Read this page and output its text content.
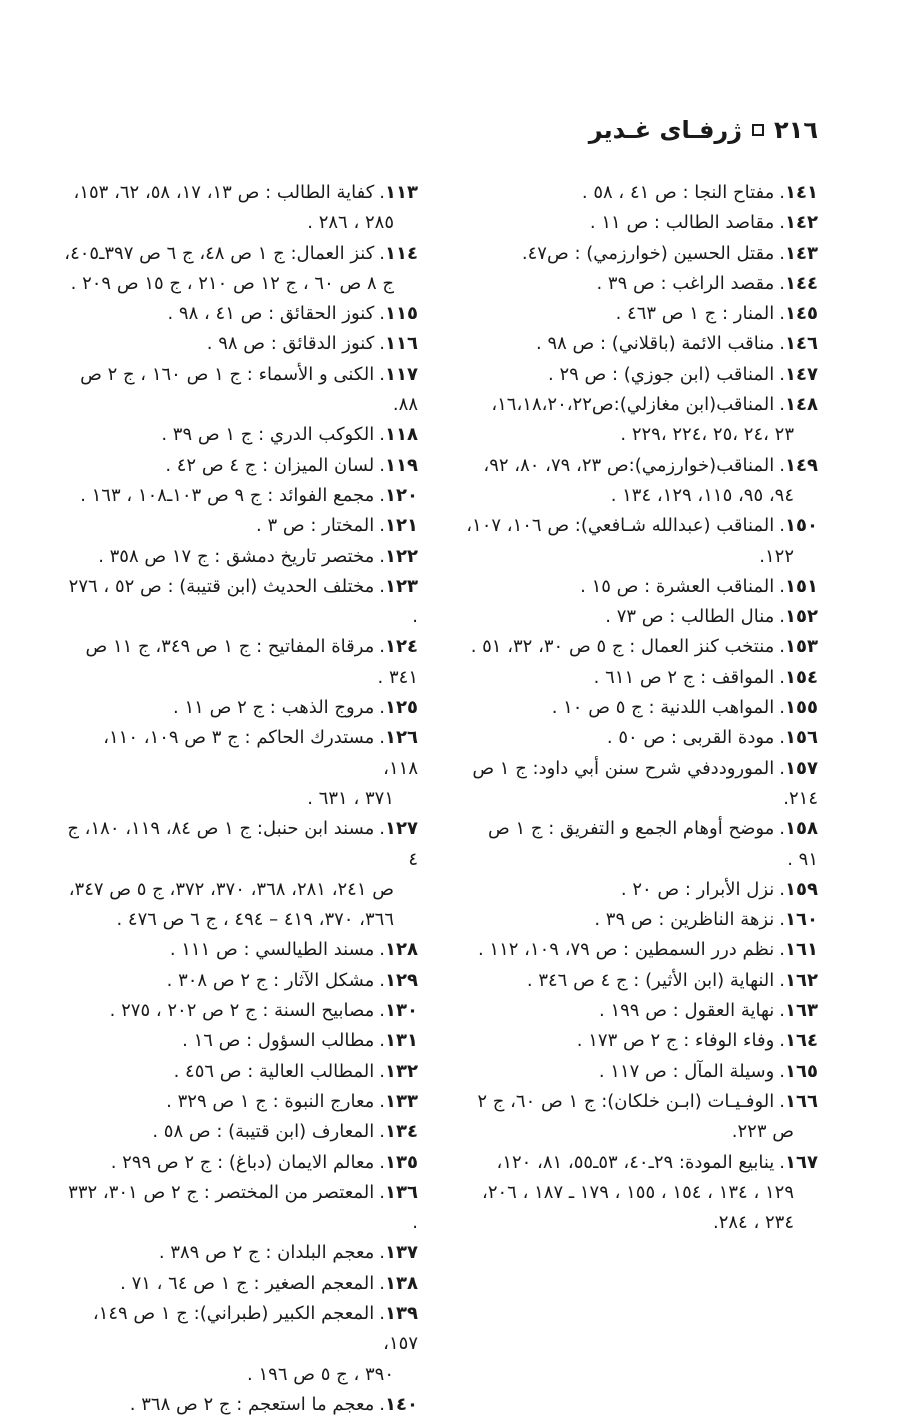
٢١٦
ژرفـاى غـدير
١٤١.مفتاح النجا : ص ٤١ ، ٥٨ .
١٤٢.مقاصد الطالب : ص ١١ .
١٤٣.مقتل الحسين (خوارزمي) : ص٤٧.
١٤٤.مقصد الراغب : ص ٣٩ .
١٤٥.المنار : ج ١ ص ٤٦٣ .
١٤٦.مناقب الائمة (باقلاني) : ص ٩٨ .
١٤٧.المناقب (ابن جوزي) : ص ٢٩ .
١٤٨.المناقب(ابن مغازلي):ص١٦،١٨،٢٠،٢٢،
٢٣ ،٢٤ ،٢٥ ،٢٢٤ ،٢٢٩ .
١٤٩.المناقب(خوارزمي):ص ٢٣، ٧٩، ٨٠، ٩٢،
٩٤، ٩٥، ١١٥، ١٢٩، ١٣٤ .
١٥٠.المناقب (عبدالله شـافعي): ص ١٠٦، ١٠٧،
١٢٢.
١٥١.المناقب العشرة : ص ١٥ .
١٥٢.منال الطالب : ص ٧٣ .
١٥٣.منتخب كنز العمال : ج ٥ ص ٣٠، ٣٢، ٥١ .
١٥٤.المواقف : ج ٢ ص ٦١١ .
١٥٥.المواهب اللدنية : ج ٥ ص ١٠ .
١٥٦.مودة القربى : ص ٥٠ .
١٥٧.الموروددفي شرح سنن أبي داود: ج ١ ص ٢١٤.
١٥٨.موضح أوهام الجمع و التفريق : ج ١ ص ٩١ .
١٥٩.نزل الأبرار : ص ٢٠ .
١٦٠.نزهة الناظرين : ص ٣٩ .
١٦١.نظم درر السمطين : ص ٧٩، ١٠٩، ١١٢ .
١٦٢.النهاية (ابن الأثير) : ج ٤ ص ٣٤٦ .
١٦٣.نهاية العقول : ص ١٩٩ .
١٦٤.وفاء الوفاء : ج ٢ ص ١٧٣ .
١٦٥.وسيلة المآل : ص ١١٧ .
١٦٦.الوفـيـات (ابـن خلكان): ج ١ ص ٦٠، ج ٢
ص ٢٢٣.
١٦٧.ينابيع المودة: ٢٩ـ٤٠، ٥٣ـ٥٥، ٨١، ١٢٠،
١٢٩ ، ١٣٤ ، ١٥٤ ، ١٥٥ ، ١٧٩ ـ ١٨٧ ، ٢٠٦،
٢٣٤ ، ٢٨٤.
١١٣.كفاية الطالب : ص ١٣، ١٧، ٥٨، ٦٢، ١٥٣،
٢٨٥ ، ٢٨٦ .
١١٤.كنز العمال: ج ١ ص ٤٨، ج ٦ ص ٣٩٧ـ٤٠٥،
ج ٨ ص ٦٠ ، ج ١٢ ص ٢١٠ ، ج ١٥ ص ٢٠٩ .
١١٥.كنوز الحقائق : ص ٤١ ، ٩٨ .
١١٦.كنوز الدقائق : ص ٩٨ .
١١٧.الكنى و الأسماء : ج ١ ص ١٦٠ ، ج ٢ ص ٨٨.
١١٨.الكوكب الدري : ج ١ ص ٣٩ .
١١٩.لسان الميزان : ج ٤ ص ٤٢ .
١٢٠.مجمع الفوائد : ج ٩ ص ١٠٣ـ١٠٨ ، ١٦٣ .
١٢١.المختار : ص ٣ .
١٢٢.مختصر تاريخ دمشق : ج ١٧ ص ٣٥٨ .
١٢٣.مختلف الحديث (ابن قتيبة) : ص ٥٢ ، ٢٧٦ .
١٢٤.مرقاة المفاتيح : ج ١ ص ٣٤٩، ج ١١ ص ٣٤١ .
١٢٥.مروج الذهب : ج ٢ ص ١١ .
١٢٦.مستدرك الحاكم : ج ٣ ص ١٠٩، ١١٠، ١١٨،
٣٧١ ، ٦٣١ .
١٢٧.مسند ابن حنبل: ج ١ ص ٨٤، ١١٩، ١٨٠، ج ٤
ص ٢٤١، ٢٨١، ٣٦٨، ٣٧٠، ٣٧٢، ج ٥ ص ٣٤٧،
٣٦٦، ٣٧٠، ٤١٩ – ٤٩٤ ، ج ٦ ص ٤٧٦ .
١٢٨.مسند الطيالسي : ص ١١١ .
١٢٩.مشكل الآثار : ج ٢ ص ٣٠٨ .
١٣٠.مصابيح السنة : ج ٢ ص ٢٠٢ ، ٢٧٥ .
١٣١.مطالب السؤول : ص ١٦ .
١٣٢.المطالب العالية : ص ٤٥٦ .
١٣٣.معارج النبوة : ج ١ ص ٣٢٩ .
١٣٤.المعارف (ابن قتيبة) : ص ٥٨ .
١٣٥.معالم الايمان (دباغ) : ج ٢ ص ٢٩٩ .
١٣٦.المعتصر من المختصر : ج ٢ ص ٣٠١، ٣٣٢ .
١٣٧.معجم البلدان : ج ٢ ص ٣٨٩ .
١٣٨.المعجم الصغير : ج ١ ص ٦٤ ، ٧١ .
١٣٩.المعجم الكبير (طبراني): ج ١ ص ١٤٩، ١٥٧،
٣٩٠ ، ج ٥ ص ١٩٦ .
١٤٠.معجم ما استعجم : ج ٢ ص ٣٦٨ .
